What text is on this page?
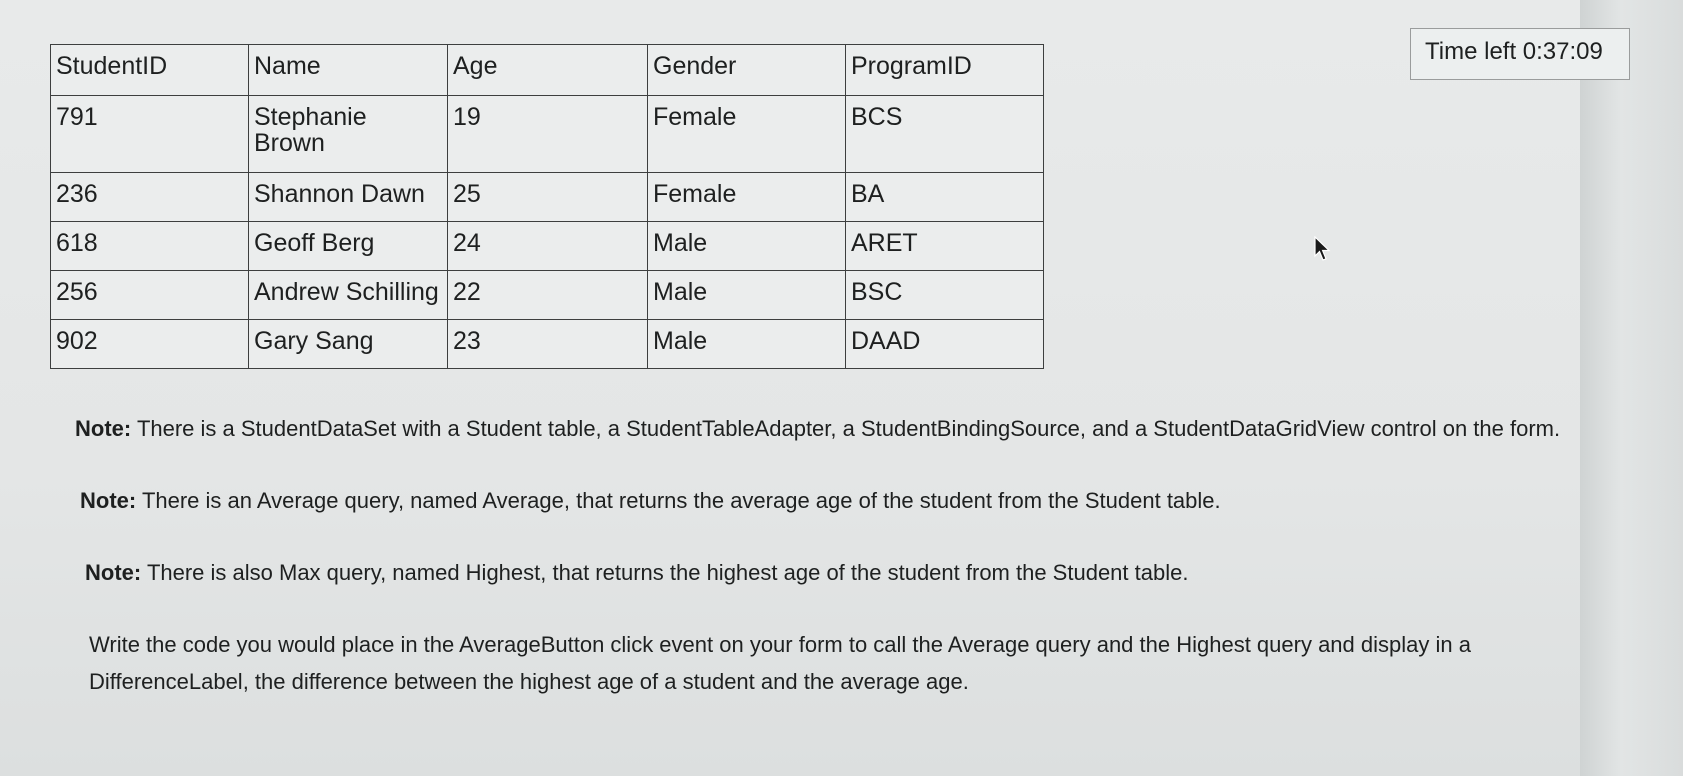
StudentID	Name	Age	Gender	ProgramID
791	Stephanie Brown	19	Female	BCS
236	Shannon Dawn	25	Female	BA
618	Geoff Berg	24	Male	ARET
256	Andrew Schilling	22	Male	BSC
902	Gary Sang	23	Male	DAAD
Time left 0:37:09

Note: There is a StudentDataSet with a Student table, a StudentTableAdapter, a StudentBindingSource, and a StudentDataGridView control on the form.

Note: There is an Average query, named Average, that returns the average age of the student from the Student table.

Note: There is also Max query, named Highest, that returns the highest age of the student from the Student table.

Write the code you would place in the AverageButton click event on your form to call the Average query and the Highest query and display in a DifferenceLabel, the difference between the highest age of a student and the average age.
